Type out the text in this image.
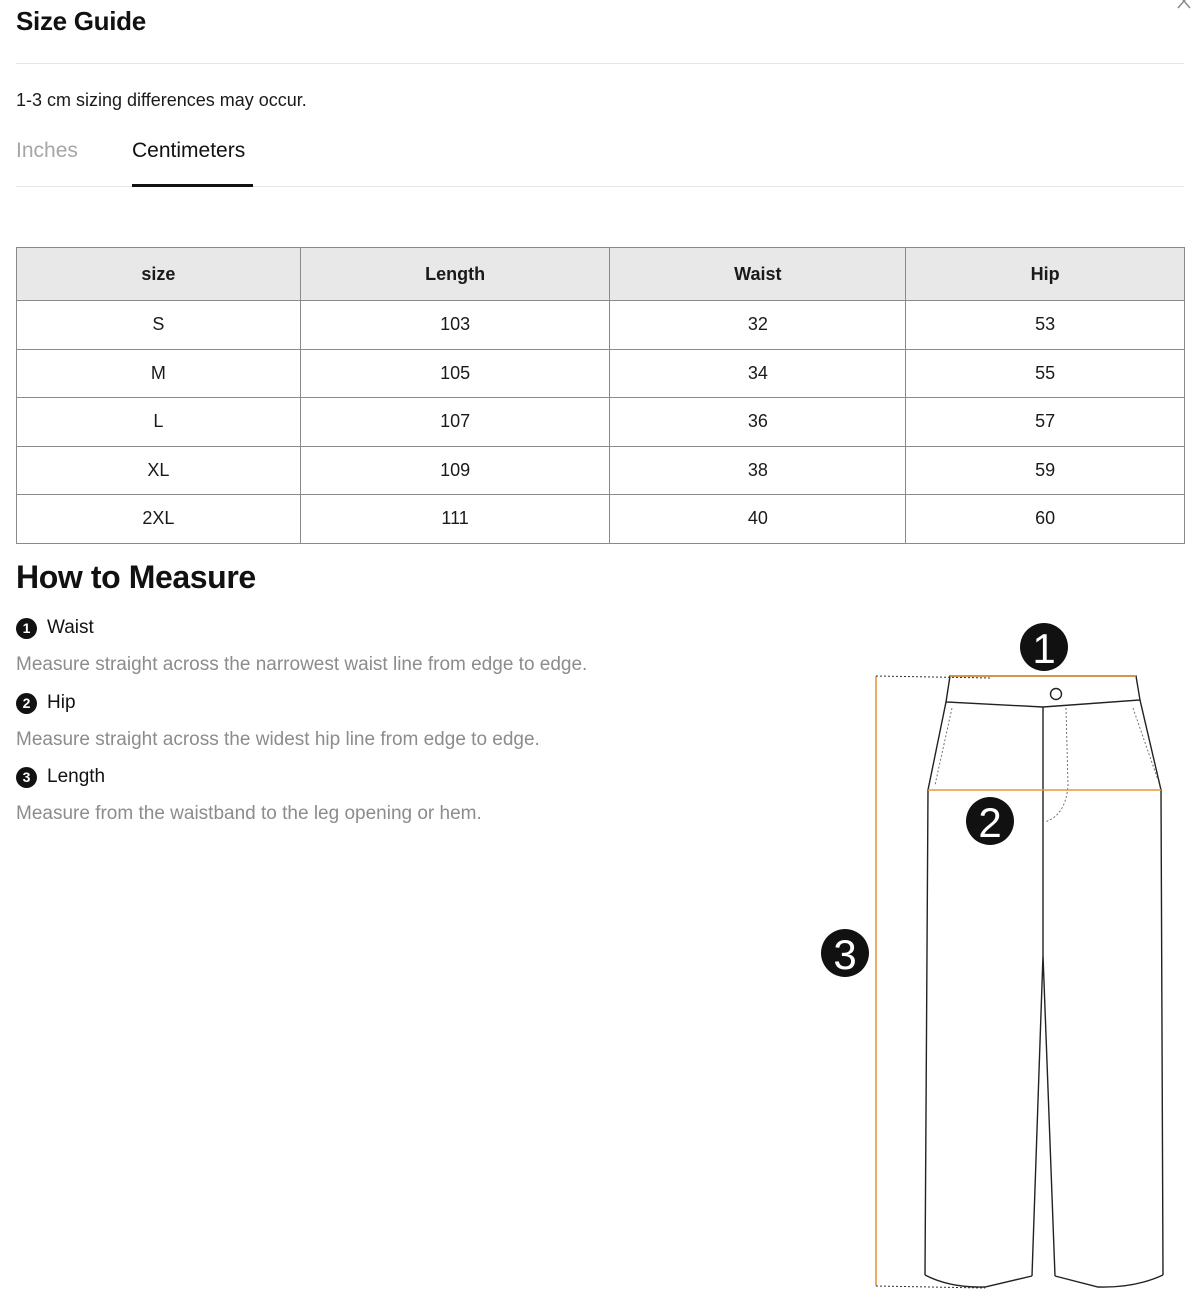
Size Guide
1-3 cm sizing differences may occur.
Inches	Centimeters
size	Length	Waist	Hip
S	103	32	53
M	105	34	55
L	107	36	57
XL	109	38	59
2XL	111	40	60
How to Measure
1 Waist
Measure straight across the narrowest waist line from edge to edge.
2 Hip
Measure straight across the widest hip line from edge to edge.
3 Length
Measure from the waistband to the leg opening or hem.
1
2
3
